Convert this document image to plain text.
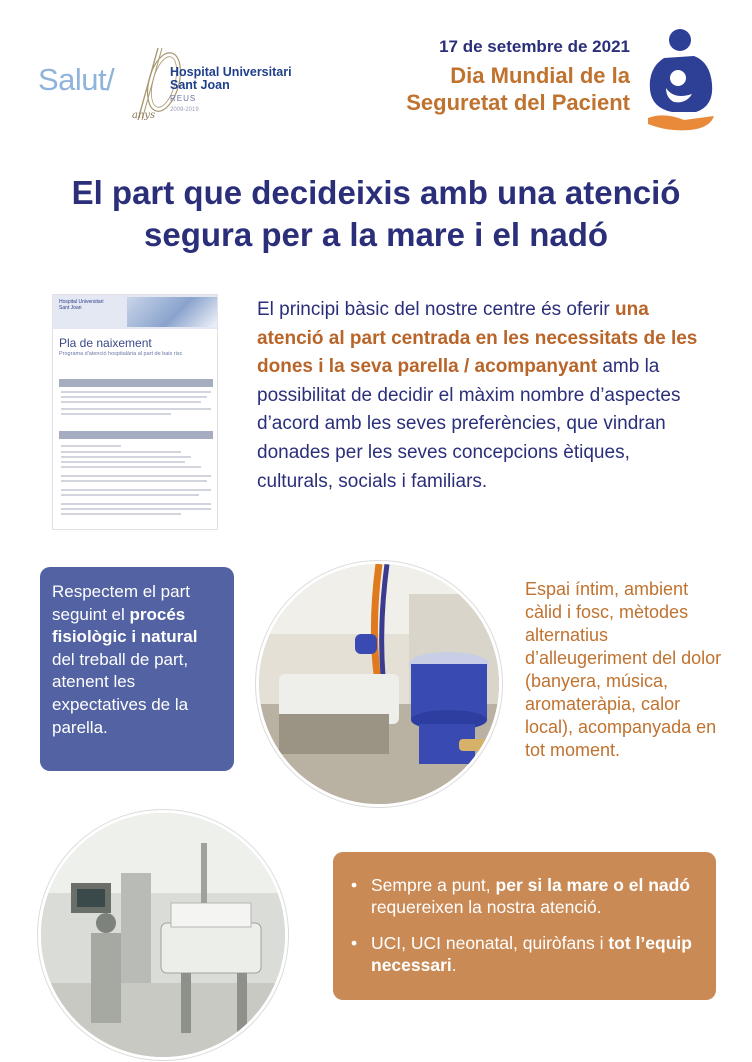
Salut/
anys
Hospital Universitari
Sant Joan
REUS
2009-2019
17 de setembre de 2021
Dia Mundial de la
Seguretat del Pacient
El part que decideixis amb una atenció
segura per a la mare i el nadó
Hospital Universitari
Sant Joan
Pla de naixement
Programa d'atenció hospitalària al part de baix risc
El principi bàsic del nostre centre és oferir una atenció al part centrada en les necessitats de les dones i la seva parella / acompanyant amb la possibilitat de decidir el màxim nombre d’aspectes d’acord amb les seves preferències, que vindran donades per les seves concepcions ètiques, culturals, socials i familiars.
Respectem el part seguint el procés fisiològic i natural del treball de part, atenent les expectatives de la parella.
Espai íntim, ambient càlid i fosc, mètodes alternatius d’alleugeriment del dolor (banyera, música, aromateràpia, calor local), acompanyada en tot moment.
• Sempre a punt, per si la mare o el nadó requereixen la nostra atenció.
• UCI, UCI neonatal, quiròfans i tot l’equip necessari.
